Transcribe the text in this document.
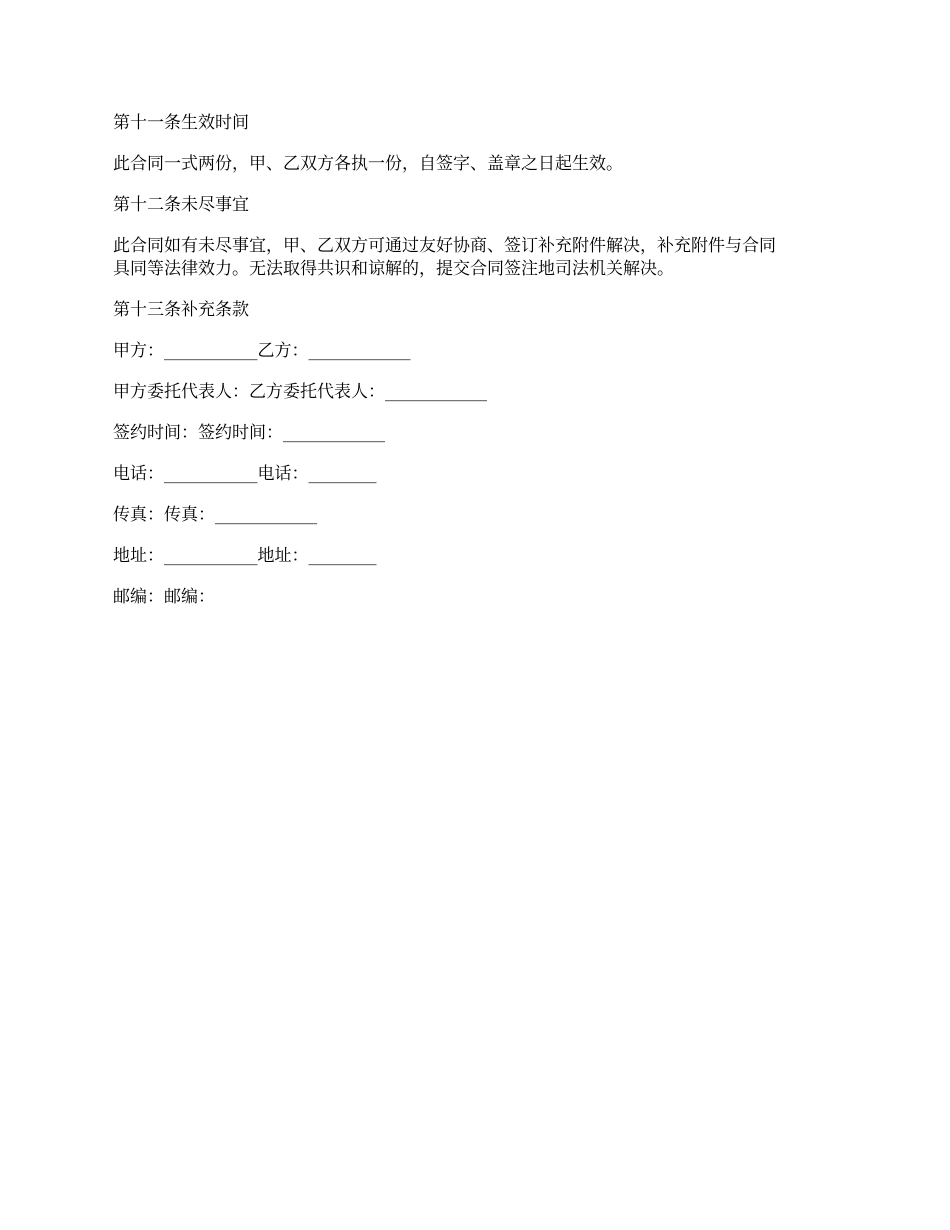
第十一条生效时间

此合同一式两份，甲、乙双方各执一份，自签字、盖章之日起生效。

第十二条未尽事宜

此合同如有未尽事宜，甲、乙双方可通过友好协商、签订补充附件解决，补充附件与合同
具同等法律效力。无法取得共识和谅解的，提交合同签注地司法机关解决。

第十三条补充条款

甲方：___________乙方：____________

甲方委托代表人：乙方委托代表人：____________

签约时间：签约时间：____________

电话：___________电话：________

传真：传真：____________

地址：___________地址：________

邮编：邮编：
